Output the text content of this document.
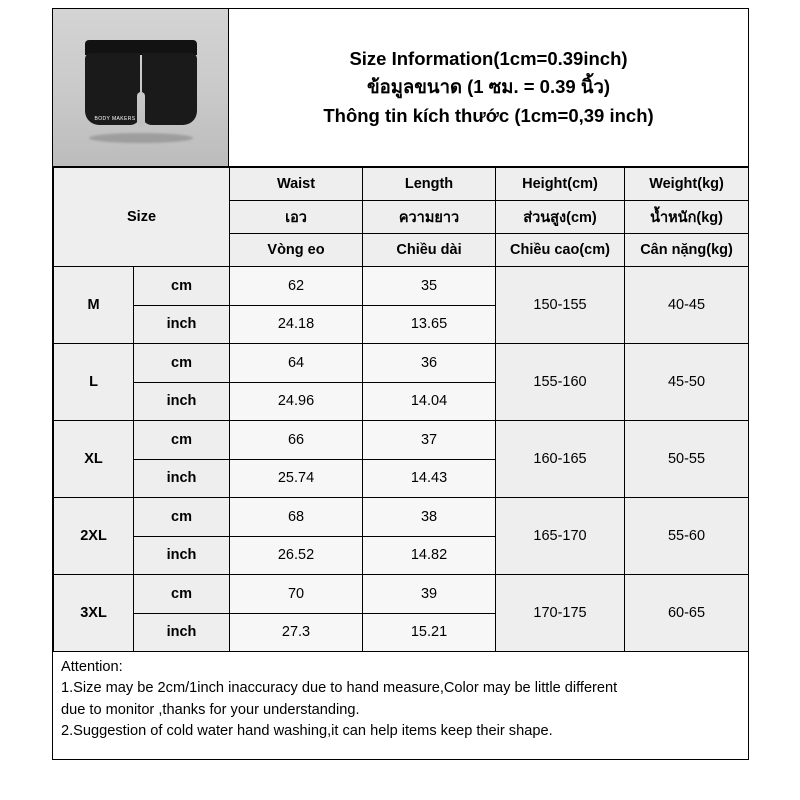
BODY MAKERS
Size Information(1cm=0.39inch)
ข้อมูลขนาด (1 ซม. = 0.39 นิ้ว)
Thông tin kích thước (1cm=0,39 inch)
Size		Waist	Length	Height(cm)	Weight(kg)
		เอว	ความยาว	ส่วนสูง(cm)	น้ำหนัก(kg)
		Vòng eo	Chiều dài	Chiều cao(cm)	Cân nặng(kg)
M	cm	62	35	150-155	40-45
	inch	24.18	13.65		
L	cm	64	36	155-160	45-50
	inch	24.96	14.04		
XL	cm	66	37	160-165	50-55
	inch	25.74	14.43		
2XL	cm	68	38	165-170	55-60
	inch	26.52	14.82		
3XL	cm	70	39	170-175	60-65
	inch	27.3	15.21		

Attention:

1.Size may be 2cm/1inch inaccuracy due to hand measure,Color may be little different

due to monitor ,thanks for your understanding.

2.Suggestion of cold water hand washing,it can help items keep their shape.
